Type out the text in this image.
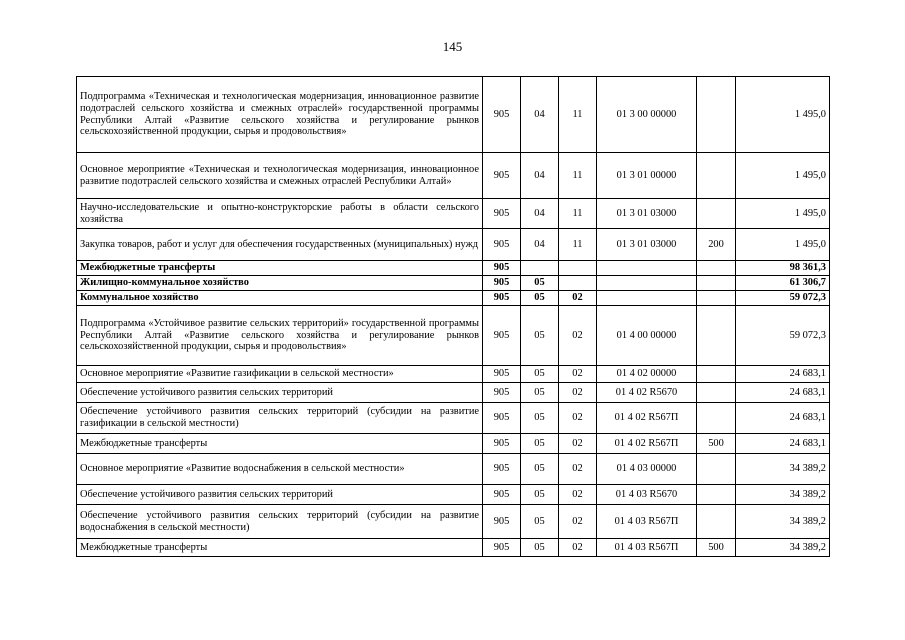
145
Подпрограмма «Техническая и технологическая модернизация, инновационное развитие подотраслей сельского хозяйства и смежных отраслей» государственной программы Республики Алтай «Развитие сельского хозяйства и регулирование рынков сельскохозяйственной продукции, сырья и продовольствия»	905	04	11	01 3 00 00000		1 495,0
Основное мероприятие «Техническая и технологическая модернизация, инновационное развитие подотраслей сельского хозяйства и смежных отраслей Республики Алтай»	905	04	11	01 3 01 00000		1 495,0
Научно-исследовательские и опытно-конструкторские работы в области сельского хозяйства	905	04	11	01 3 01 03000		1 495,0
Закупка товаров, работ и услуг для обеспечения государственных (муниципальных) нужд	905	04	11	01 3 01 03000	200	1 495,0
Межбюджетные трансферты	905					98 361,3
Жилищно-коммунальное хозяйство	905	05				61 306,7
Коммунальное хозяйство	905	05	02			59 072,3
Подпрограмма «Устойчивое развитие сельских территорий» государственной программы Республики Алтай «Развитие сельского хозяйства и регулирование рынков сельскохозяйственной продукции, сырья и продовольствия»	905	05	02	01 4 00 00000		59 072,3
Основное мероприятие «Развитие газификации в сельской местности»	905	05	02	01 4 02 00000		24 683,1
Обеспечение устойчивого развития сельских территорий	905	05	02	01 4 02 R5670		24 683,1
Обеспечение устойчивого развития сельских территорий (субсидии на развитие газификации в сельской местности)	905	05	02	01 4 02 R567П		24 683,1
Межбюджетные трансферты	905	05	02	01 4 02 R567П	500	24 683,1
Основное мероприятие «Развитие водоснабжения в сельской местности»	905	05	02	01 4 03 00000		34 389,2
Обеспечение устойчивого развития сельских территорий	905	05	02	01 4 03 R5670		34 389,2
Обеспечение устойчивого развития сельских территорий (субсидии на развитие водоснабжения в сельской местности)	905	05	02	01 4 03 R567П		34 389,2
Межбюджетные трансферты	905	05	02	01 4 03 R567П	500	34 389,2
